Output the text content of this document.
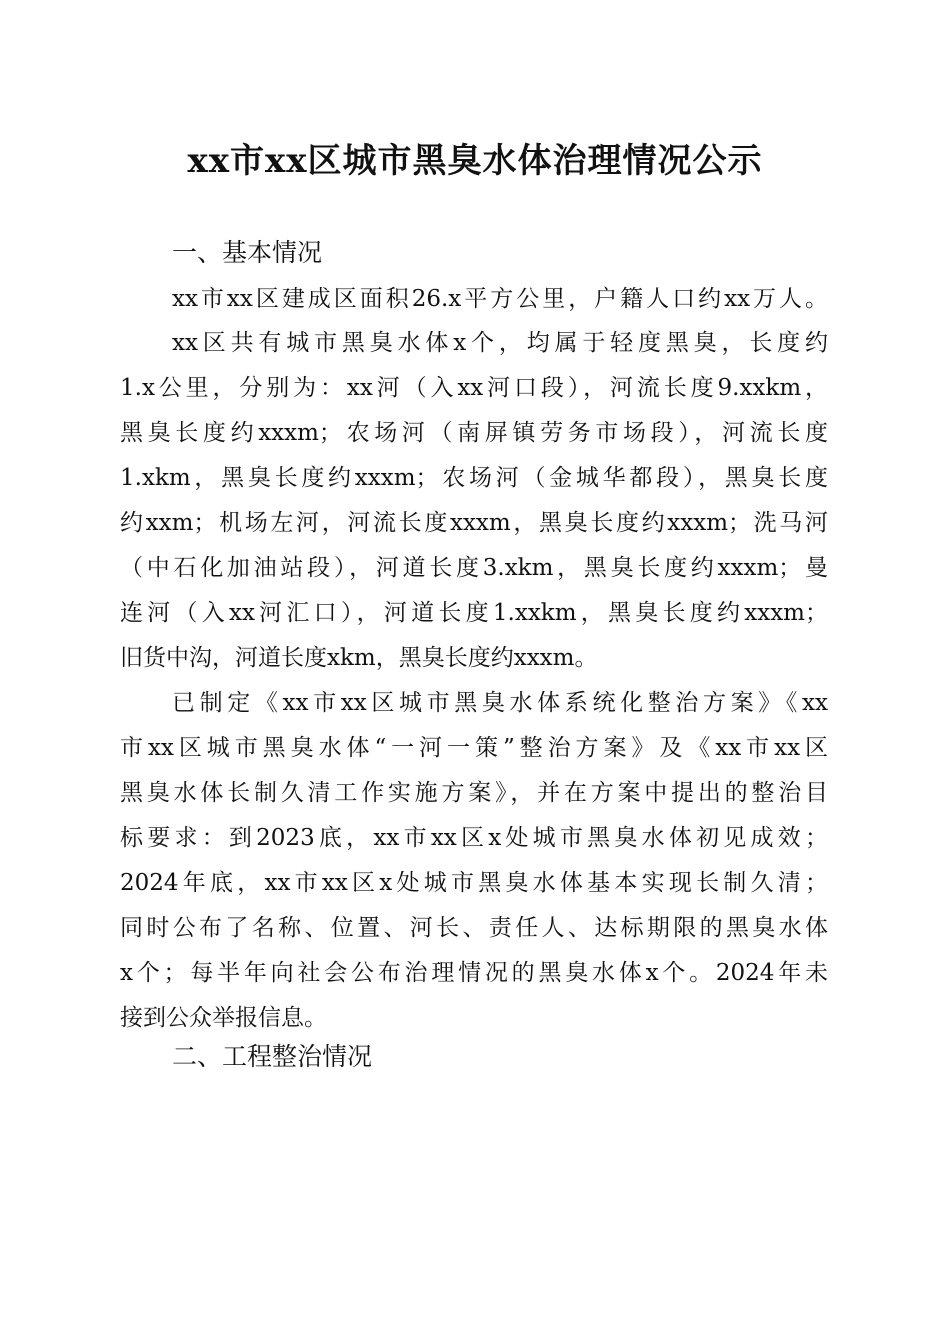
xx市xx区城市黑臭水体治理情况公示
一、基本情况
xx市xx区建成区面积26.x平方公里，户籍人口约xx万人。
xx区共有城市黑臭水体x个，均属于轻度黑臭，长度约
1.x公里，分别为：xx河（入xx河口段），河流长度9.xxkm，
黑臭长度约xxxm；农场河（南屏镇劳务市场段），河流长度
1.xkm，黑臭长度约xxxm；农场河（金城华都段），黑臭长度
约xxm；机场左河，河流长度xxxm，黑臭长度约xxxm；洗马河
（中石化加油站段），河道长度3.xkm，黑臭长度约xxxm；曼
连河（入xx河汇口），河道长度1.xxkm，黑臭长度约xxxm；
旧货中沟，河道长度xkm，黑臭长度约xxxm。
已制定《xx市xx区城市黑臭水体系统化整治方案》《xx
市xx区城市黑臭水体“一河一策”整治方案》及《xx市xx区
黑臭水体长制久清工作实施方案》，并在方案中提出的整治目
标要求：到2023底，xx市xx区x处城市黑臭水体初见成效；
2024年底，xx市xx区x处城市黑臭水体基本实现长制久清；
同时公布了名称、位置、河长、责任人、达标期限的黑臭水体
x个；每半年向社会公布治理情况的黑臭水体x个。2024年未
接到公众举报信息。
二、工程整治情况
